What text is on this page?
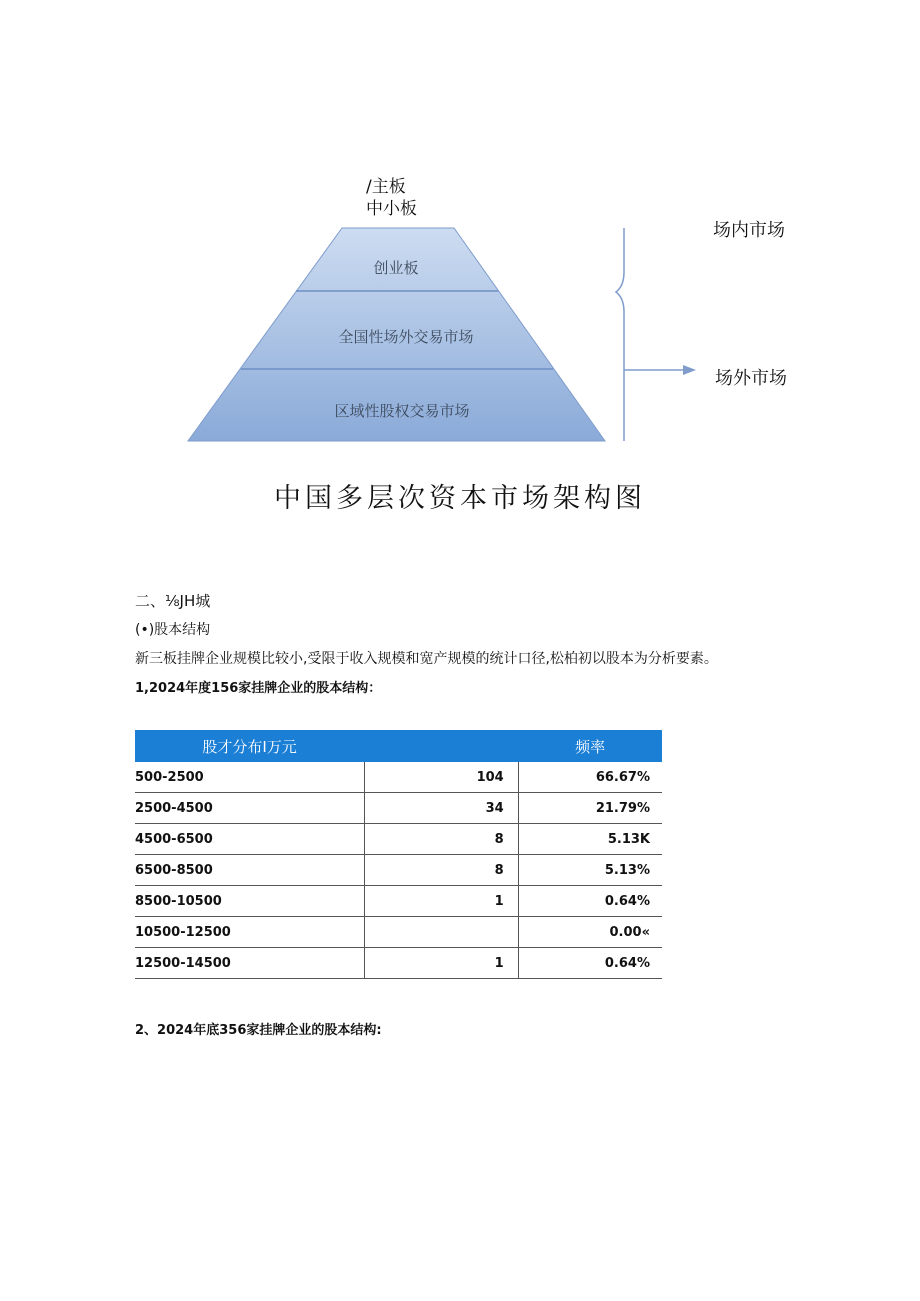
/主板
中小板
创业板
全国性场外交易市场
区域性股权交易市场
场内市场
场外市场
中国多层次资本市场架构图
二、⅛JH城
(•)股本结构
新三板挂牌企业规模比较小,受限于收入规模和宽产规模的统计口径,松柏初以股本为分析要素。
1,2024年度156家挂牌企业的股本结构：
股才分布I万元		频率
500-2500	104	66.67%
2500-4500	34	21.79%
4500-6500	8	5.13K
6500-8500	8	5.13%
8500-10500	1	0.64%
10500-12500		0.00«
12500-14500	1	0.64%
2、2024年底356家挂牌企业的股本结构:
